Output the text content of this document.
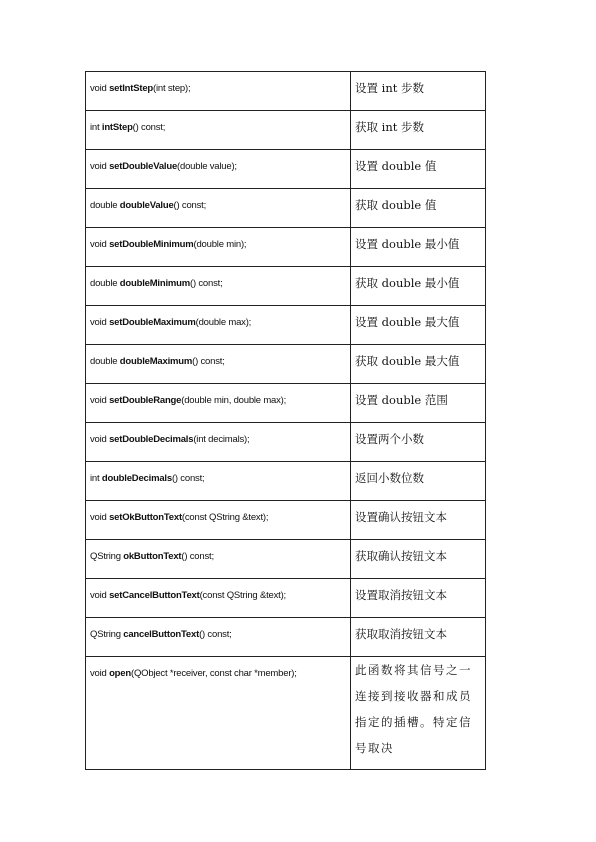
void setIntStep(int step);	设置 int 步数
int intStep() const;	获取 int 步数
void setDoubleValue(double value);	设置 double 值
double doubleValue() const;	获取 double 值
void setDoubleMinimum(double min);	设置 double 最小值
double doubleMinimum() const;	获取 double 最小值
void setDoubleMaximum(double max);	设置 double 最大值
double doubleMaximum() const;	获取 double 最大值
void setDoubleRange(double min, double max);	设置 double 范围
void setDoubleDecimals(int decimals);	设置两个小数
int doubleDecimals() const;	返回小数位数
void setOkButtonText(const QString &text);	设置确认按钮文本
QString okButtonText() const;	获取确认按钮文本
void setCancelButtonText(const QString &text);	设置取消按钮文本
QString cancelButtonText() const;	获取取消按钮文本
void open(QObject *receiver, const char *member);	此函数将其信号之一连接到接收器和成员指定的插槽。特定信号取决
